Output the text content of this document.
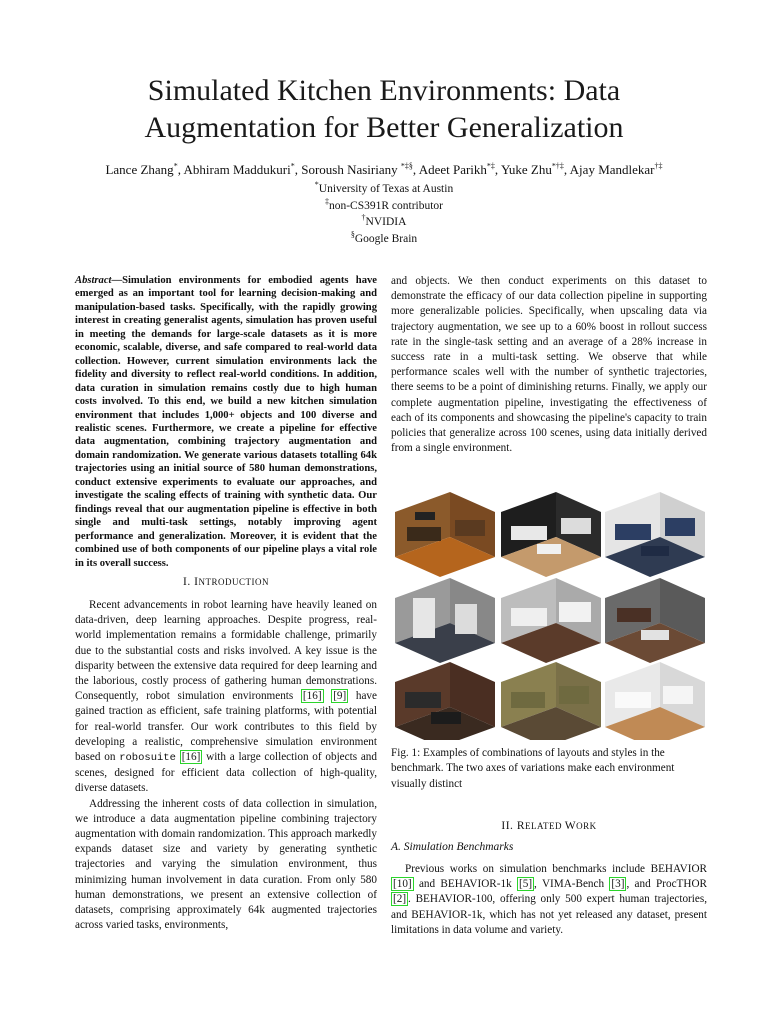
Simulated Kitchen Environments: Data
Augmentation for Better Generalization
Lance Zhang*, Abhiram Maddukuri*, Soroush Nasiriany *‡§, Adeet Parikh*‡, Yuke Zhu*†‡, Ajay Mandlekar†‡
*University of Texas at Austin
‡non-CS391R contributor
†NVIDIA
§Google Brain

Abstract—Simulation environments for embodied agents have emerged as an important tool for learning decision-making and manipulation-based tasks. Specifically, with the rapidly growing interest in creating generalist agents, simulation has proven useful in meeting the demands for large-scale datasets as it is more economic, scalable, diverse, and safe compared to real-world data collection. However, current simulation environments lack the fidelity and diversity to reflect real-world conditions. In addition, data curation in simulation remains costly due to high human costs involved. To this end, we build a new kitchen simulation environment that includes 1,000+ objects and 100 diverse and realistic scenes. Furthermore, we create a pipeline for effective data augmentation, combining trajectory augmentation and domain randomization. We generate various datasets totalling 64k trajectories using an initial source of 580 human demonstrations, conduct extensive experiments to evaluate our approaches, and investigate the scaling effects of training with synthetic data. Our findings reveal that our augmentation pipeline is effective in both single and multi-task settings, notably improving agent performance and generalization. Moreover, it is evident that the combined use of both components of our pipeline plays a vital role in its overall success.

I. INTRODUCTION

Recent advancements in robot learning have heavily leaned on data-driven, deep learning approaches. Despite progress, real-world implementation remains a formidable challenge, primarily due to the substantial costs and risks involved. A key issue is the disparity between the extensive data required for deep learning and the laborious, costly process of gathering human demonstrations. Consequently, robot simulation environments [16] [9] have gained traction as efficient, safe training platforms, with potential for real-world transfer. Our work contributes to this field by developing a realistic, comprehensive simulation environment based on robosuite [16] with a large collection of objects and scenes, designed for efficient data collection of high-quality, diverse datasets.

Addressing the inherent costs of data collection in simulation, we introduce a data augmentation pipeline combining trajectory augmentation with domain randomization. This approach markedly expands dataset size and variety by generating synthetic trajectories and varying the simulation environment, thus minimizing human involvement in data curation. From only 580 human demonstrations, we present an extensive collection of datasets, comprising approximately 64k augmented trajectories across varied tasks, environments,

and objects. We then conduct experiments on this dataset to demonstrate the efficacy of our data collection pipeline in supporting more generalizable policies. Specifically, when upscaling data via trajectory augmentation, we see up to a 60% boost in rollout success rate in the single-task setting and an average of a 28% increase in success rate in a multi-task setting. We observe that while performance scales well with the number of synthetic trajectories, there seems to be a point of diminishing returns. Finally, we apply our complete augmentation pipeline, investigating the effectiveness of each of its components and showcasing the pipeline's capacity to train policies that generalize across 100 scenes, using data initially derived from a single environment.

Fig. 1: Examples of combinations of layouts and styles in the benchmark. The two axes of variations make each environment visually distinct

II. RELATED WORK
A. Simulation Benchmarks

Previous works on simulation benchmarks include BEHAVIOR [10] and BEHAVIOR-1k [5] , VIMA-Bench [3] , and ProcTHOR [2] . BEHAVIOR-100, offering only 500 expert human trajectories, and BEHAVIOR-1k, which has not yet released any dataset, present limitations in data volume and variety.
